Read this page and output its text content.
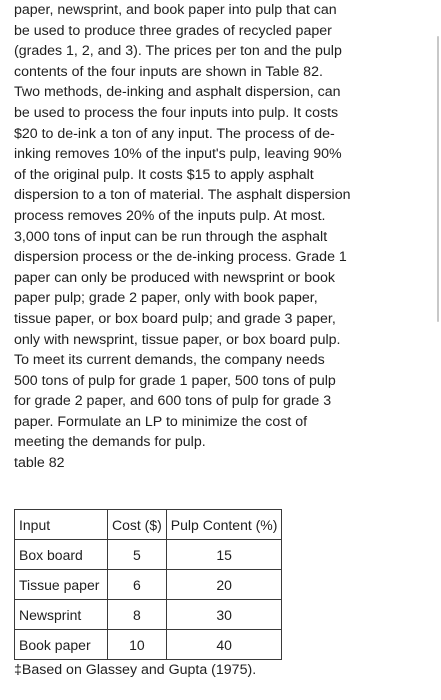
paper, newsprint, and book paper into pulp that can
be used to produce three grades of recycled paper
(grades 1, 2, and 3). The prices per ton and the pulp
contents of the four inputs are shown in Table 82.
Two methods, de-inking and asphalt dispersion, can
be used to process the four inputs into pulp. It costs
$20 to de-ink a ton of any input. The process of de-
inking removes 10% of the input's pulp, leaving 90%
of the original pulp. It costs $15 to apply asphalt
dispersion to a ton of material. The asphalt dispersion
process removes 20% of the inputs pulp. At most.
3,000 tons of input can be run through the asphalt
dispersion process or the de-inking process. Grade 1
paper can only be produced with newsprint or book
paper pulp; grade 2 paper, only with book paper,
tissue paper, or box board pulp; and grade 3 paper,
only with newsprint, tissue paper, or box board pulp.
To meet its current demands, the company needs
500 tons of pulp for grade 1 paper, 500 tons of pulp
for grade 2 paper, and 600 tons of pulp for grade 3
paper. Formulate an LP to minimize the cost of
meeting the demands for pulp.

table 82

Input	Cost ($)	Pulp Content (%)
Box board	5	15
Tissue paper	6	20
Newsprint	8	30
Book paper	10	40

‡Based on Glassey and Gupta (1975).
